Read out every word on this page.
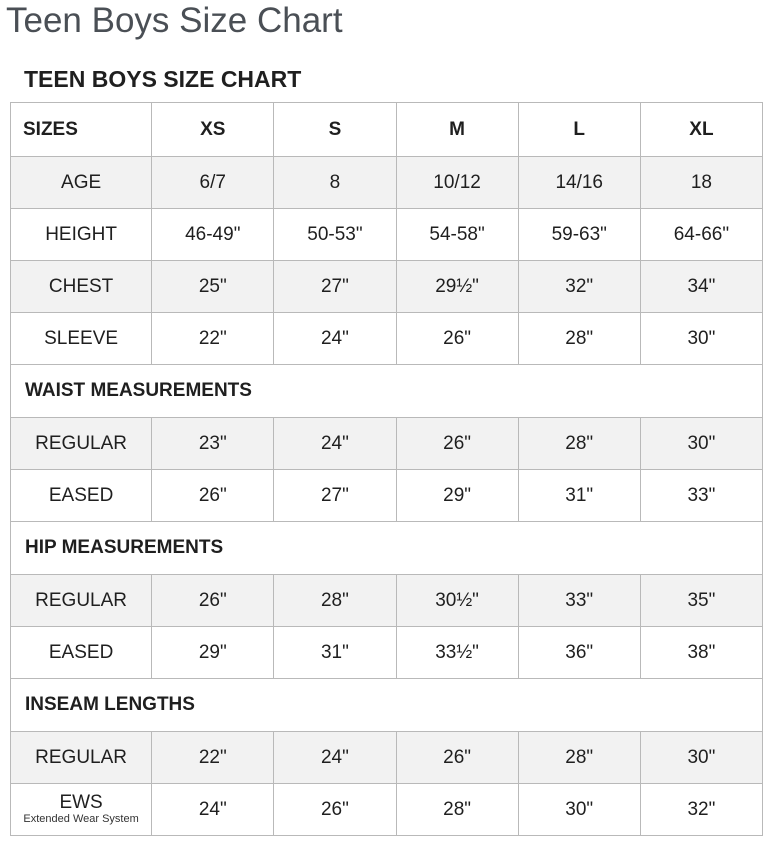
Teen Boys Size Chart
TEEN BOYS SIZE CHART
SIZES	XS	S	M	L	XL
AGE	6/7	8	10/12	14/16	18
HEIGHT	46-49"	50-53"	54-58"	59-63"	64-66"
CHEST	25"	27"	29½"	32"	34"
SLEEVE	22"	24"	26"	28"	30"
WAIST MEASUREMENTS					
REGULAR	23"	24"	26"	28"	30"
EASED	26"	27"	29"	31"	33"
HIP MEASUREMENTS					
REGULAR	26"	28"	30½"	33"	35"
EASED	29"	31"	33½"	36"	38"
INSEAM LENGTHS					
REGULAR	22"	24"	26"	28"	30"

EWS
Extended Wear System	24"	26"	28"	30"	32"
